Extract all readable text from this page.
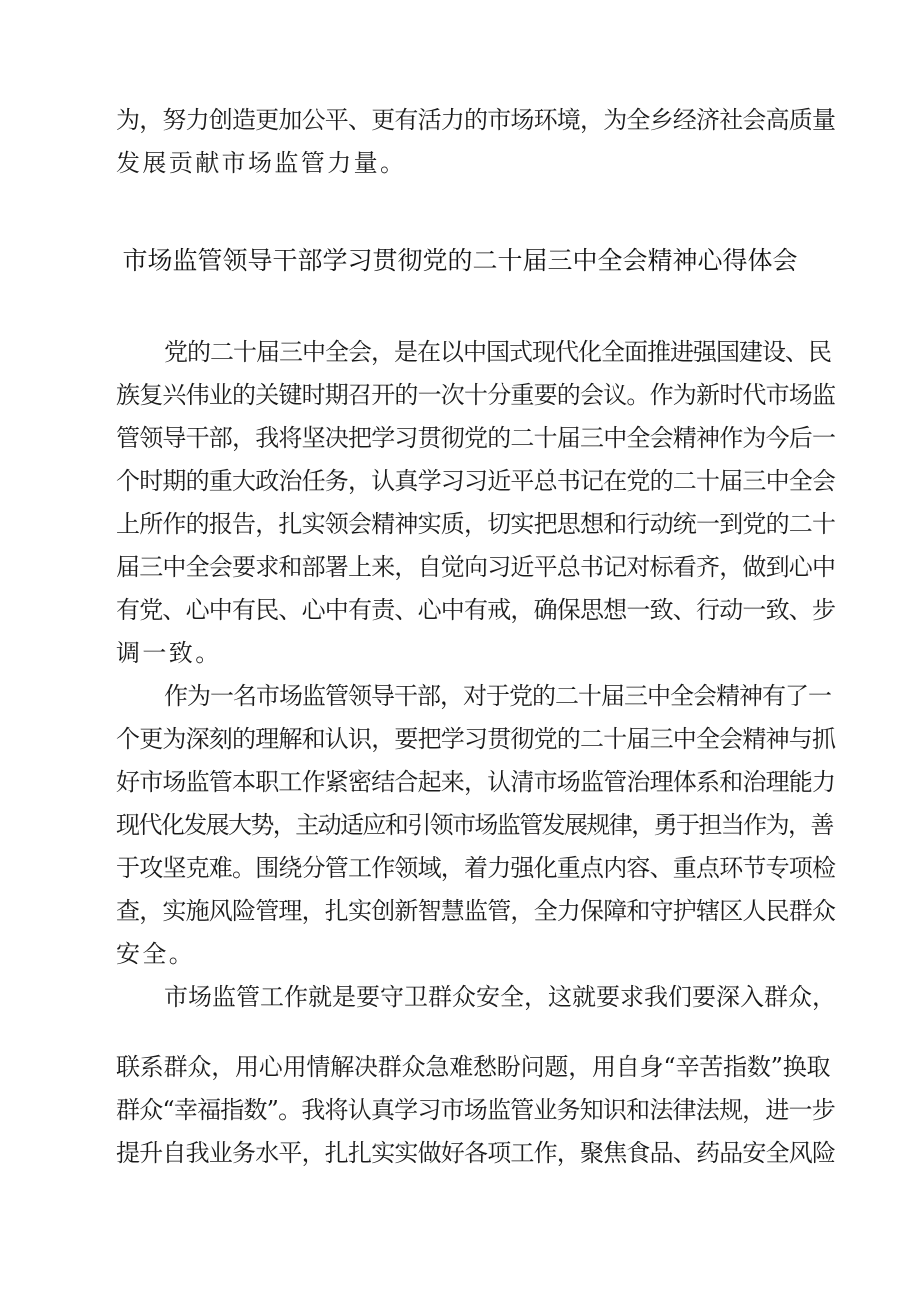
为，努力创造更加公平、更有活力的市场环境，为全乡经济社会高质量
发展贡献市场监管力量。
市场监管领导干部学习贯彻党的二十届三中全会精神心得体会
党的二十届三中全会，是在以中国式现代化全面推进强国建设、民
族复兴伟业的关键时期召开的一次十分重要的会议。作为新时代市场监
管领导干部，我将坚决把学习贯彻党的二十届三中全会精神作为今后一
个时期的重大政治任务，认真学习习近平总书记在党的二十届三中全会
上所作的报告，扎实领会精神实质，切实把思想和行动统一到党的二十
届三中全会要求和部署上来，自觉向习近平总书记对标看齐，做到心中
有党、心中有民、心中有责、心中有戒，确保思想一致、行动一致、步
调一致。
作为一名市场监管领导干部，对于党的二十届三中全会精神有了一
个更为深刻的理解和认识，要把学习贯彻党的二十届三中全会精神与抓
好市场监管本职工作紧密结合起来，认清市场监管治理体系和治理能力
现代化发展大势，主动适应和引领市场监管发展规律，勇于担当作为，善
于攻坚克难。围绕分管工作领域，着力强化重点内容、重点环节专项检
查，实施风险管理，扎实创新智慧监管，全力保障和守护辖区人民群众
安全。
市场监管工作就是要守卫群众安全，这就要求我们要深入群众，
联系群众，用心用情解决群众急难愁盼问题，用自身“辛苦指数”换取
群众“幸福指数”。我将认真学习市场监管业务知识和法律法规，进一步
提升自我业务水平，扎扎实实做好各项工作，聚焦食品、药品安全风险
